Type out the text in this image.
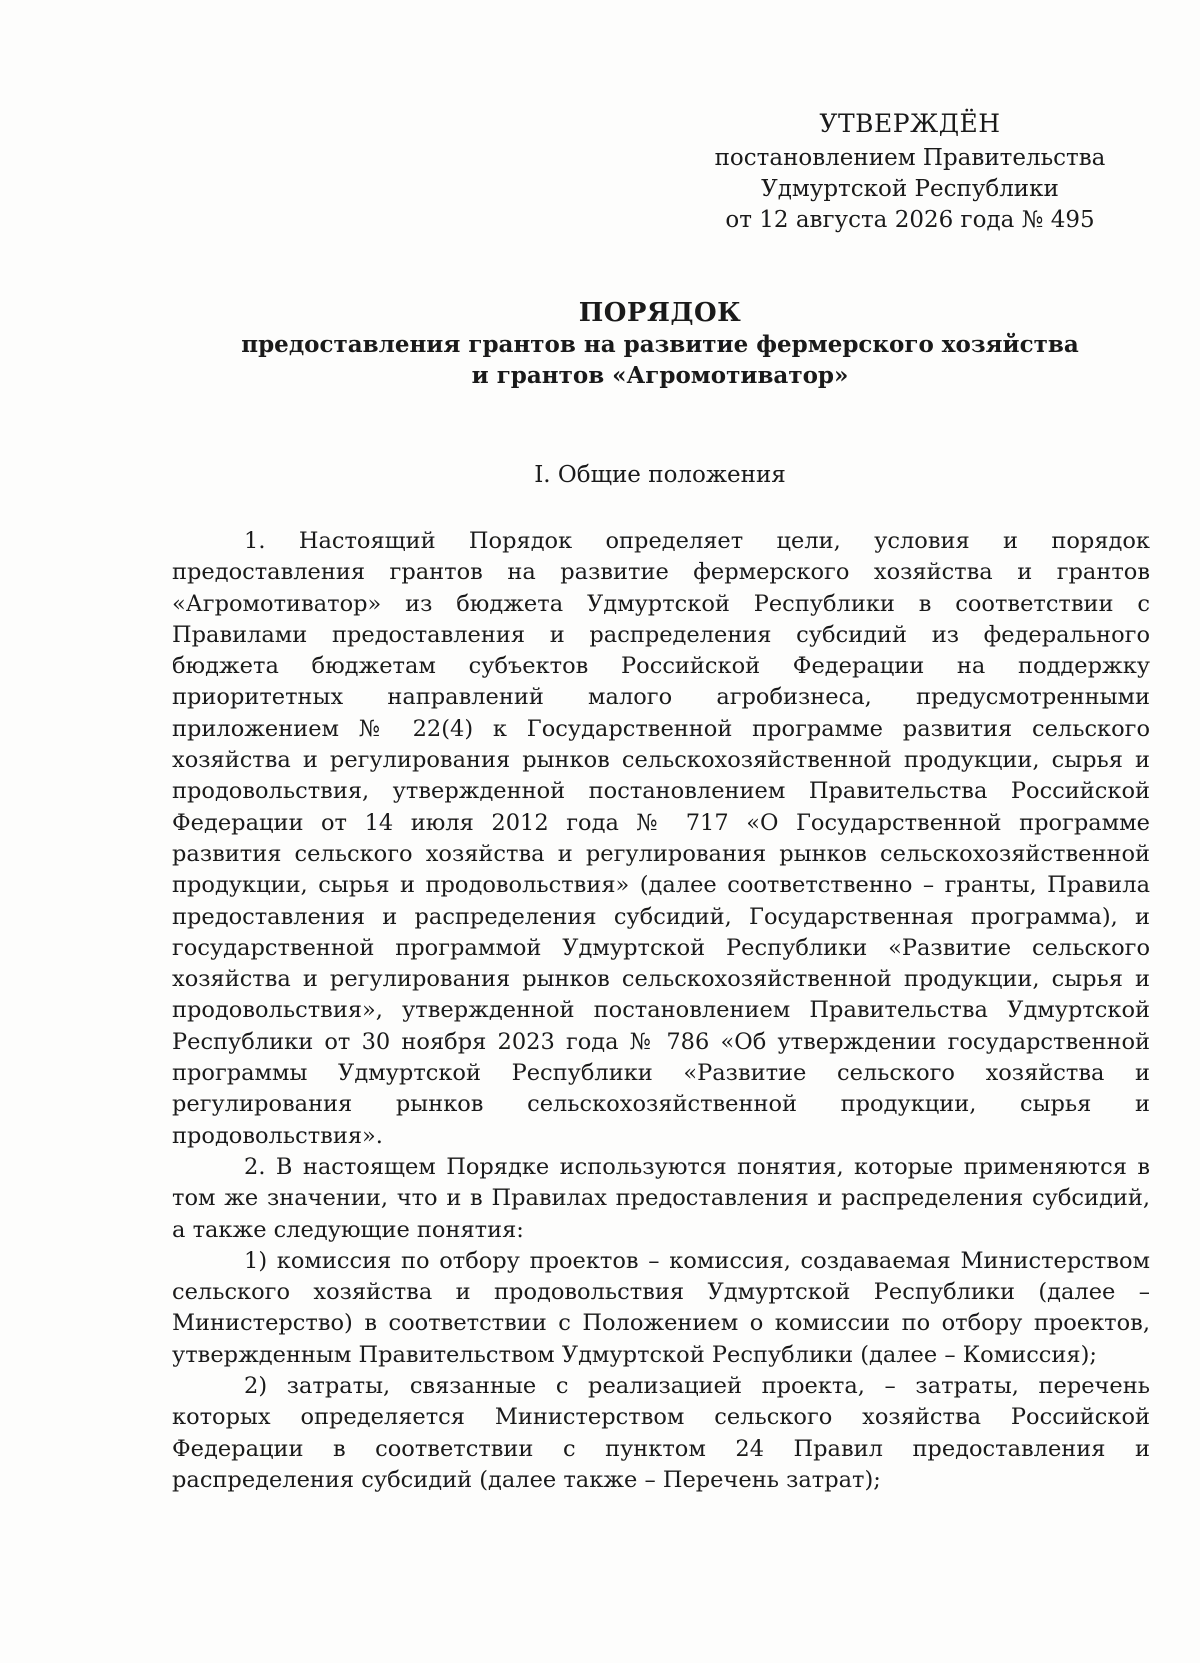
УТВЕРЖДЁН
постановлением Правительства
Удмуртской Республики
от 12 августа 2026 года № 495
ПОРЯДОК
предоставления грантов на развитие фермерского хозяйства
и грантов «Агромотиватор»
I. Общие положения

1. Настоящий Порядок определяет цели, условия и порядок предоставления грантов на развитие фермерского хозяйства и грантов «Агромотиватор» из бюджета Удмуртской Республики в соответствии с Правилами предоставления и распределения субсидий из федерального бюджета бюджетам субъектов Российской Федерации на поддержку приоритетных направлений малого агробизнеса, предусмотренными приложением № 22(4) к Государственной программе развития сельского хозяйства и регулирования рынков сельскохозяйственной продукции, сырья и продовольствия, утвержденной постановлением Правительства Российской Федерации от 14 июля 2012 года № 717 «О Государственной программе развития сельского хозяйства и регулирования рынков сельскохозяйственной продукции, сырья и продовольствия» (далее соответственно – гранты, Правила предоставления и распределения субсидий, Государственная программа), и государственной программой Удмуртской Республики «Развитие сельского хозяйства и регулирования рынков сельскохозяйственной продукции, сырья и продовольствия», утвержденной постановлением Правительства Удмуртской Республики от 30 ноября 2023 года № 786 «Об утверждении государственной программы Удмуртской Республики «Развитие сельского хозяйства и регулирования рынков сельскохозяйственной продукции, сырья и продовольствия».

2. В настоящем Порядке используются понятия, которые применяются в том же значении, что и в Правилах предоставления и распределения субсидий, а также следующие понятия:

1) комиссия по отбору проектов – комиссия, создаваемая Министерством сельского хозяйства и продовольствия Удмуртской Республики (далее – Министерство) в соответствии с Положением о комиссии по отбору проектов, утвержденным Правительством Удмуртской Республики (далее – Комиссия);

2) затраты, связанные с реализацией проекта, – затраты, перечень которых определяется Министерством сельского хозяйства Российской Федерации в соответствии с пунктом 24 Правил предоставления и распределения субсидий (далее также – Перечень затрат);
